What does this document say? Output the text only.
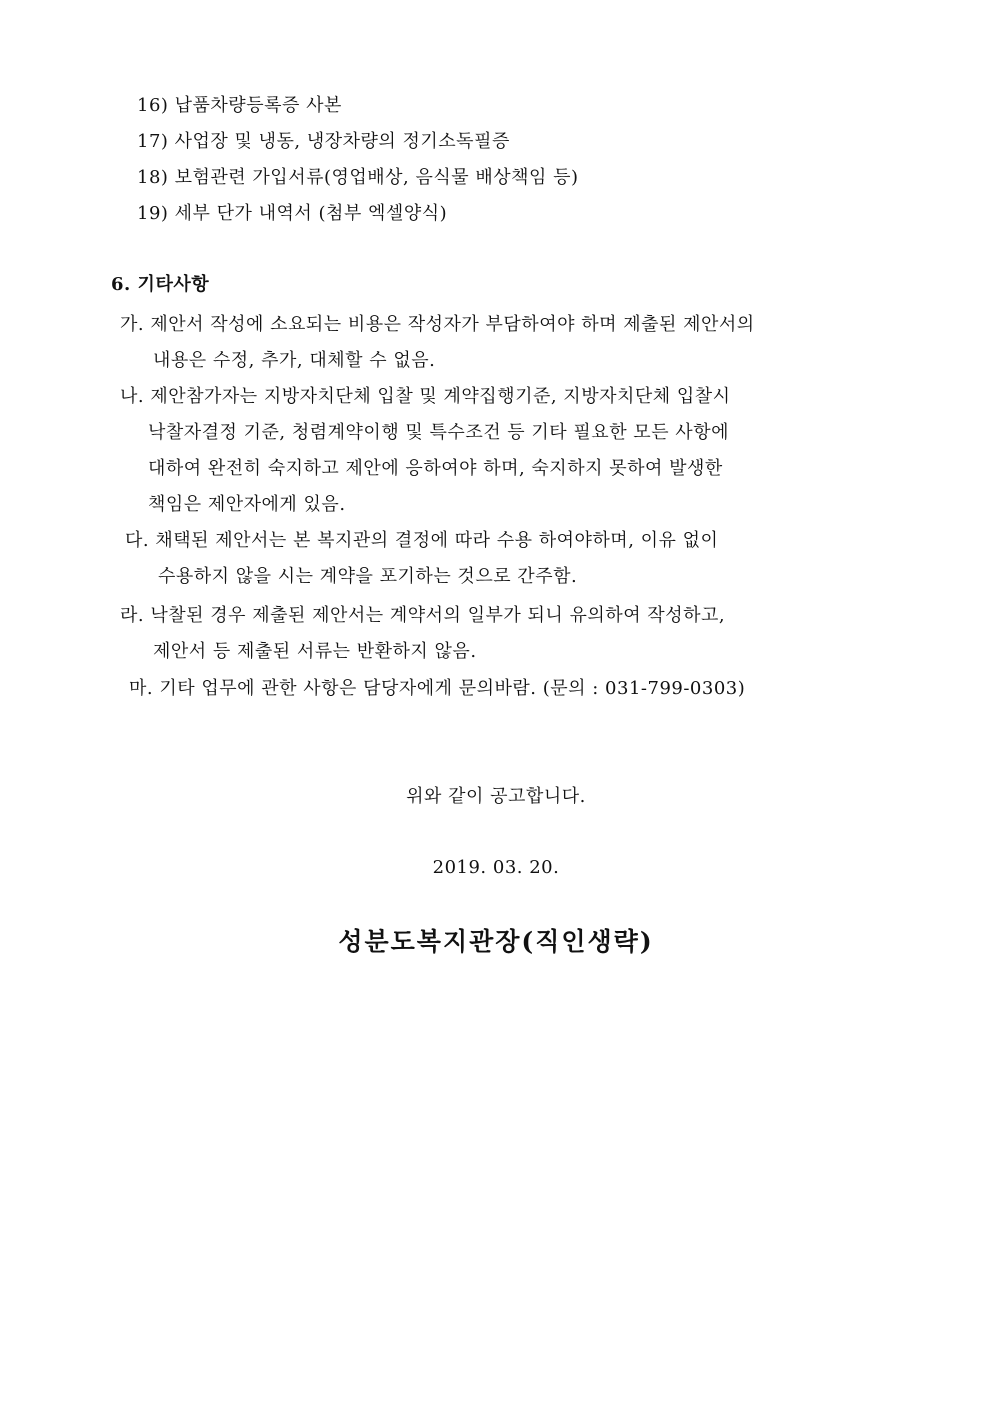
16) 납품차량등록증 사본
17) 사업장 및 냉동, 냉장차량의 정기소독필증
18) 보험관련 가입서류(영업배상, 음식물 배상책임 등)
19) 세부 단가 내역서 (첨부 엑셀양식)
6. 기타사항
가. 제안서 작성에 소요되는 비용은 작성자가 부담하여야 하며 제출된 제안서의
내용은 수정, 추가, 대체할 수 없음.
나. 제안참가자는 지방자치단체 입찰 및 계약집행기준, 지방자치단체 입찰시
낙찰자결정 기준, 청렴계약이행 및 특수조건 등 기타 필요한 모든 사항에
대하여 완전히 숙지하고 제안에 응하여야 하며, 숙지하지 못하여 발생한
책임은 제안자에게 있음.
다. 채택된 제안서는 본 복지관의 결정에 따라 수용 하여야하며, 이유 없이
수용하지 않을 시는 계약을 포기하는 것으로 간주함.
라. 낙찰된 경우 제출된 제안서는 계약서의 일부가 되니 유의하여 작성하고,
제안서 등 제출된 서류는 반환하지 않음.
마. 기타 업무에 관한 사항은 담당자에게 문의바람. (문의 : 031-799-0303)
위와 같이 공고합니다.
2019. 03. 20.
성분도복지관장(직인생략)
